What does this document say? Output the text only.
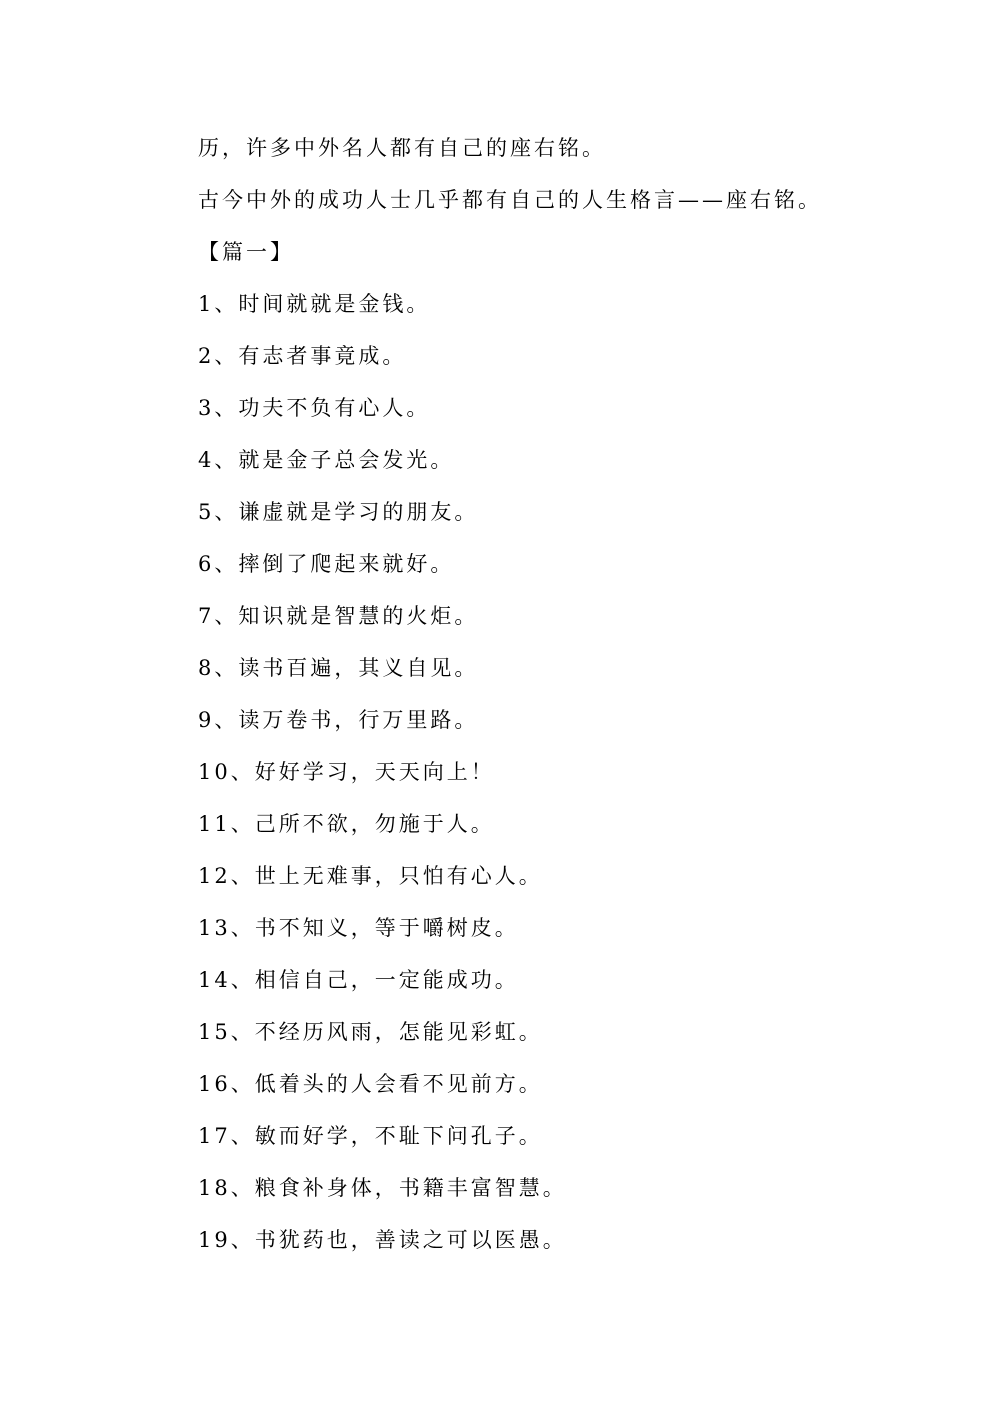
历，许多中外名人都有自己的座右铭。
古今中外的成功人士几乎都有自己的人生格言——座右铭。
【篇一】
1、时间就就是金钱。
2、有志者事竟成。
3、功夫不负有心人。
4、就是金子总会发光。
5、谦虚就是学习的朋友。
6、摔倒了爬起来就好。
7、知识就是智慧的火炬。
8、读书百遍，其义自见。
9、读万卷书，行万里路。
10、好好学习，天天向上！
11、己所不欲，勿施于人。
12、世上无难事，只怕有心人。
13、书不知义，等于嚼树皮。
14、相信自己，一定能成功。
15、不经历风雨，怎能见彩虹。
16、低着头的人会看不见前方。
17、敏而好学，不耻下问孔子。
18、粮食补身体，书籍丰富智慧。
19、书犹药也，善读之可以医愚。
